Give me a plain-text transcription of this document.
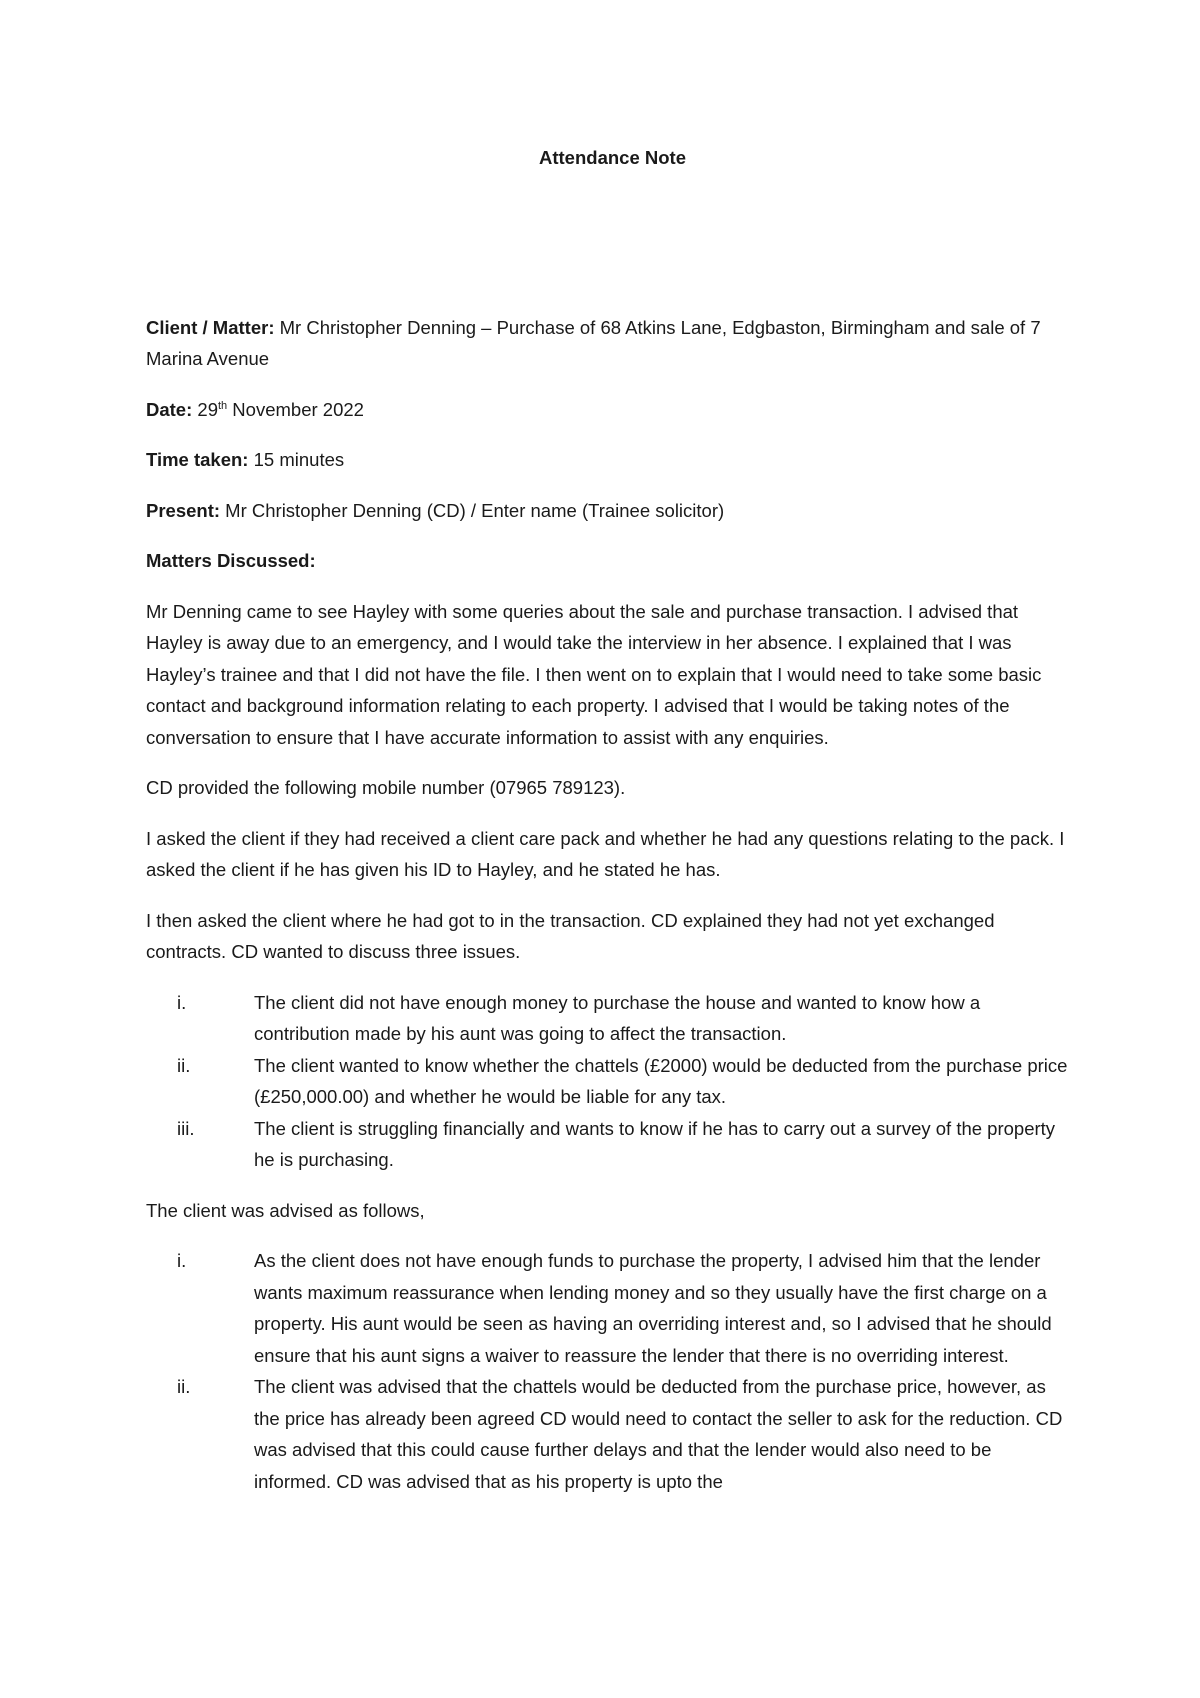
Attendance Note

Client / Matter: Mr Christopher Denning – Purchase of 68 Atkins Lane, Edgbaston, Birmingham and sale of 7 Marina Avenue

Date: 29th November 2022

Time taken: 15 minutes

Present: Mr Christopher Denning (CD) / Enter name (Trainee solicitor)

Matters Discussed:

Mr Denning came to see Hayley with some queries about the sale and purchase transaction. I advised that Hayley is away due to an emergency, and I would take the interview in her absence. I explained that I was Hayley’s trainee and that I did not have the file. I then went on to explain that I would need to take some basic contact and background information relating to each property. I advised that I would be taking notes of the conversation to ensure that I have accurate information to assist with any enquiries.

CD provided the following mobile number (07965 789123).

I asked the client if they had received a client care pack and whether he had any questions relating to the pack. I asked the client if he has given his ID to Hayley, and he stated he has.

I then asked the client where he had got to in the transaction. CD explained they had not yet exchanged contracts. CD wanted to discuss three issues.

i.	The client did not have enough money to purchase the house and wanted to know how a contribution made by his aunt was going to affect the transaction.
ii.	The client wanted to know whether the chattels (£2000) would be deducted from the purchase price (£250,000.00) and whether he would be liable for any tax.
iii.	The client is struggling financially and wants to know if he has to carry out a survey of the property he is purchasing.

The client was advised as follows,

i.	As the client does not have enough funds to purchase the property, I advised him that the lender wants maximum reassurance when lending money and so they usually have the first charge on a property. His aunt would be seen as having an overriding interest and, so I advised that he should ensure that his aunt signs a waiver to reassure the lender that there is no overriding interest.
ii.	The client was advised that the chattels would be deducted from the purchase price, however, as the price has already been agreed CD would need to contact the seller to ask for the reduction. CD was advised that this could cause further delays and that the lender would also need to be informed. CD was advised that as his property is upto the
